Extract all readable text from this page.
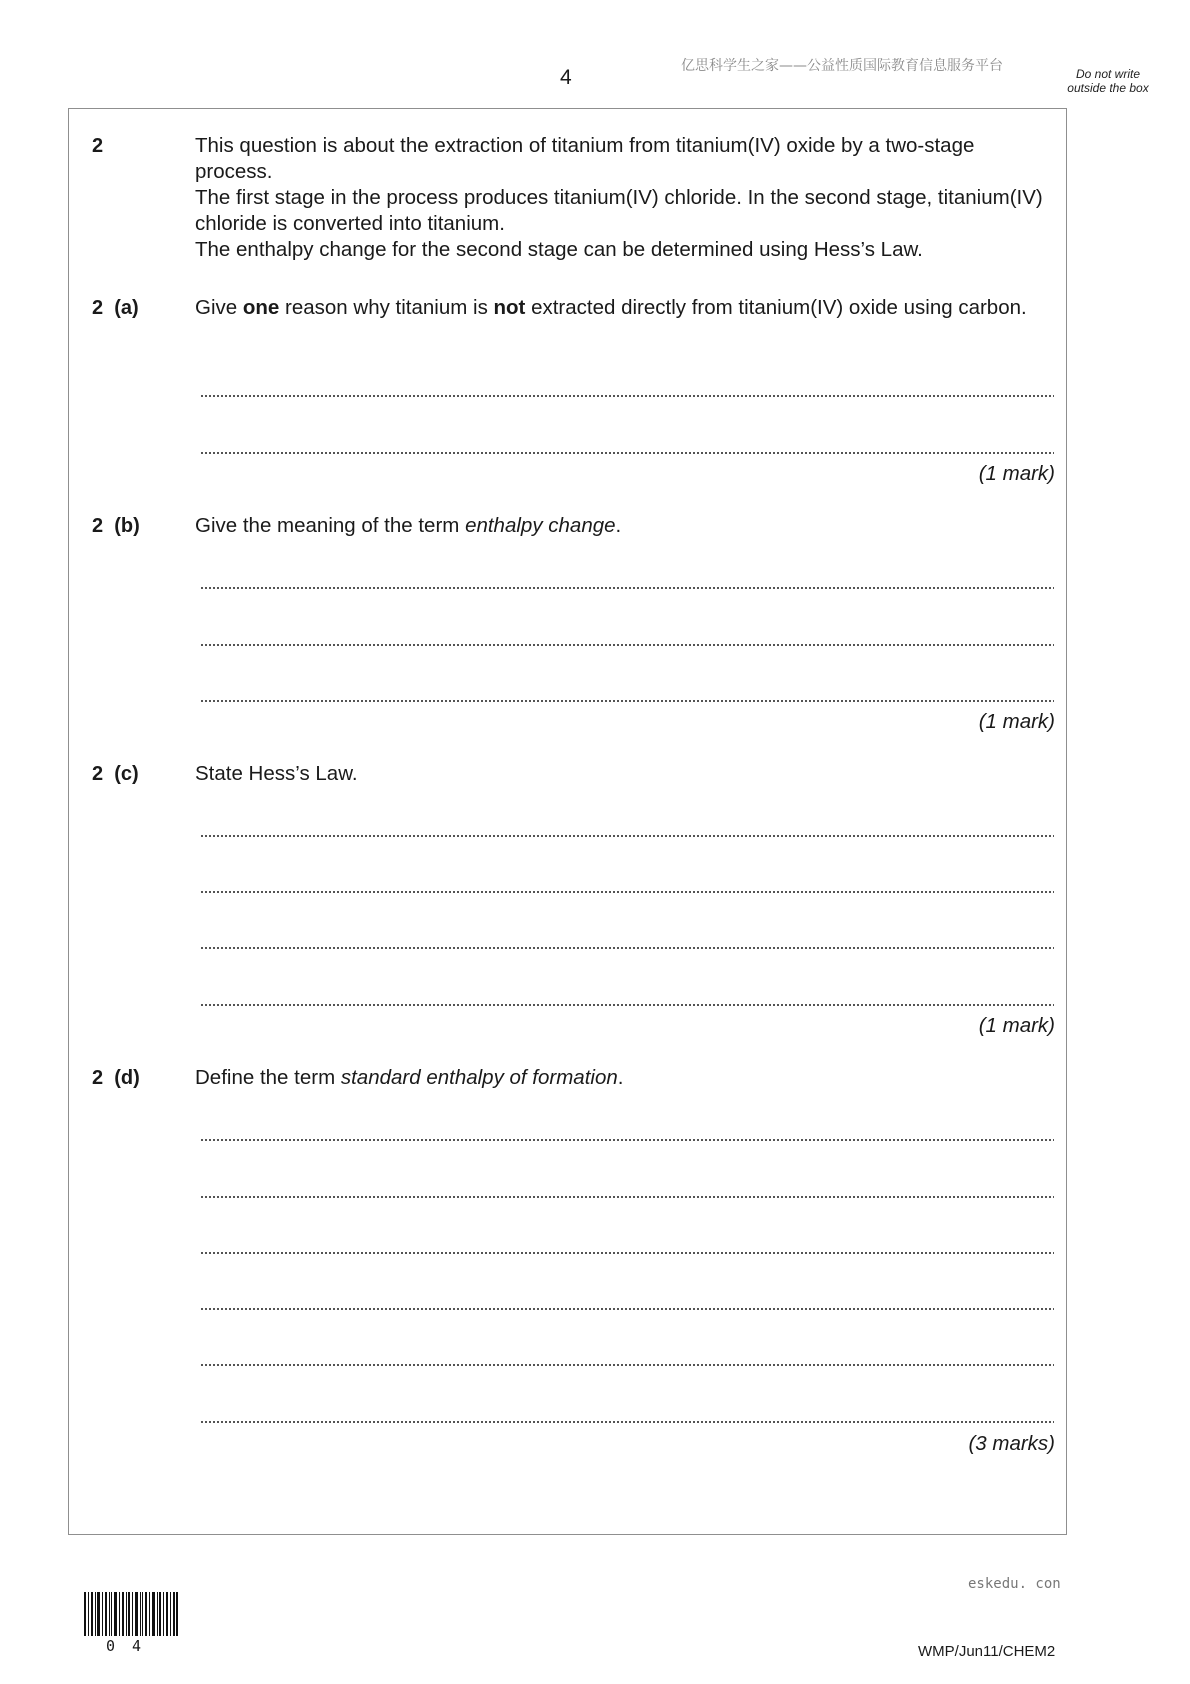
4	亿思科学生之家——公益性质国际教育信息服务平台	Do not write outside the box
2	This question is about the extraction of titanium from titanium(IV) oxide by a two-stage process.

The first stage in the process produces titanium(IV) chloride. In the second stage, titanium(IV) chloride is converted into titanium.

The enthalpy change for the second stage can be determined using Hess’s Law.

2  (a)	Give one reason why titanium is not extracted directly from titanium(IV) oxide using carbon.
(1 mark)
2  (b)	Give the meaning of the term enthalpy change.
(1 mark)
2  (c)	State Hess’s Law.
(1 mark)
2  (d)	Define the term standard enthalpy of formation.
(3 marks)
eskedu. con
0 4	WMP/Jun11/CHEM2
